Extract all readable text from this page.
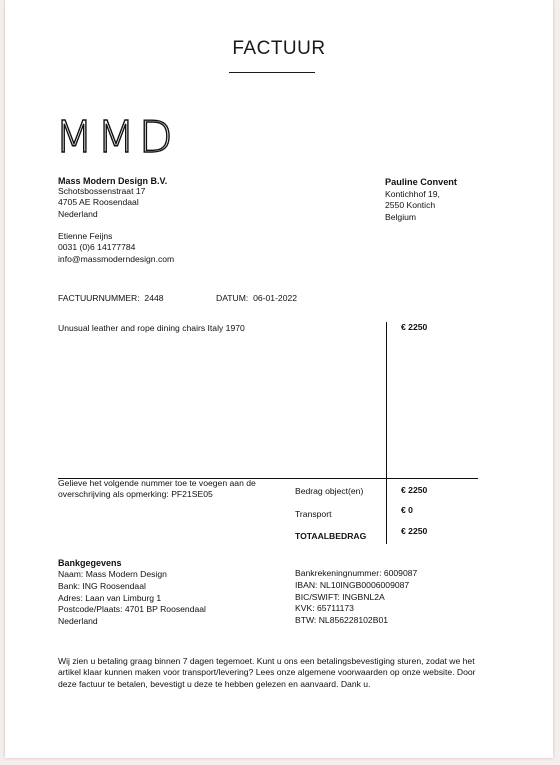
FACTUUR
MMD
Mass Modern Design B.V.
Schotsbossenstraat 17
4705 AE Roosendaal
Nederland
Etienne Feijns
0031 (0)6 14177784
info@massmoderndesign.com
Pauline Convent
Kontichhof 19,
2550 Kontich
Belgium
FACTUURNUMMER: 2448	DATUM: 06-01-2022
Unusual leather and rope dining chairs Italy 1970	€ 2250
Gelieve het volgende nummer toe te voegen aan de overschrijving als opmerking: PF21SE05	Bedrag object(en)	€ 2250
Transport	€ 0
TOTAALBEDRAG	€ 2250
Bankgegevens
Naam: Mass Modern Design
Bank: ING Roosendaal
Adres: Laan van Limburg 1
Postcode/Plaats: 4701 BP Roosendaal
Nederland
Bankrekeningnummer: 6009087
IBAN: NL10INGB0006009087
BIC/SWIFT: INGBNL2A
KVK: 65711173
BTW: NL856228102B01
Wij zien u betaling graag binnen 7 dagen tegemoet. Kunt u ons een betalingsbevestiging sturen, zodat we het artikel klaar kunnen maken voor transport/levering? Lees onze algemene voorwaarden op onze website. Door deze factuur te betalen, bevestigt u deze te hebben gelezen en aanvaard. Dank u.
